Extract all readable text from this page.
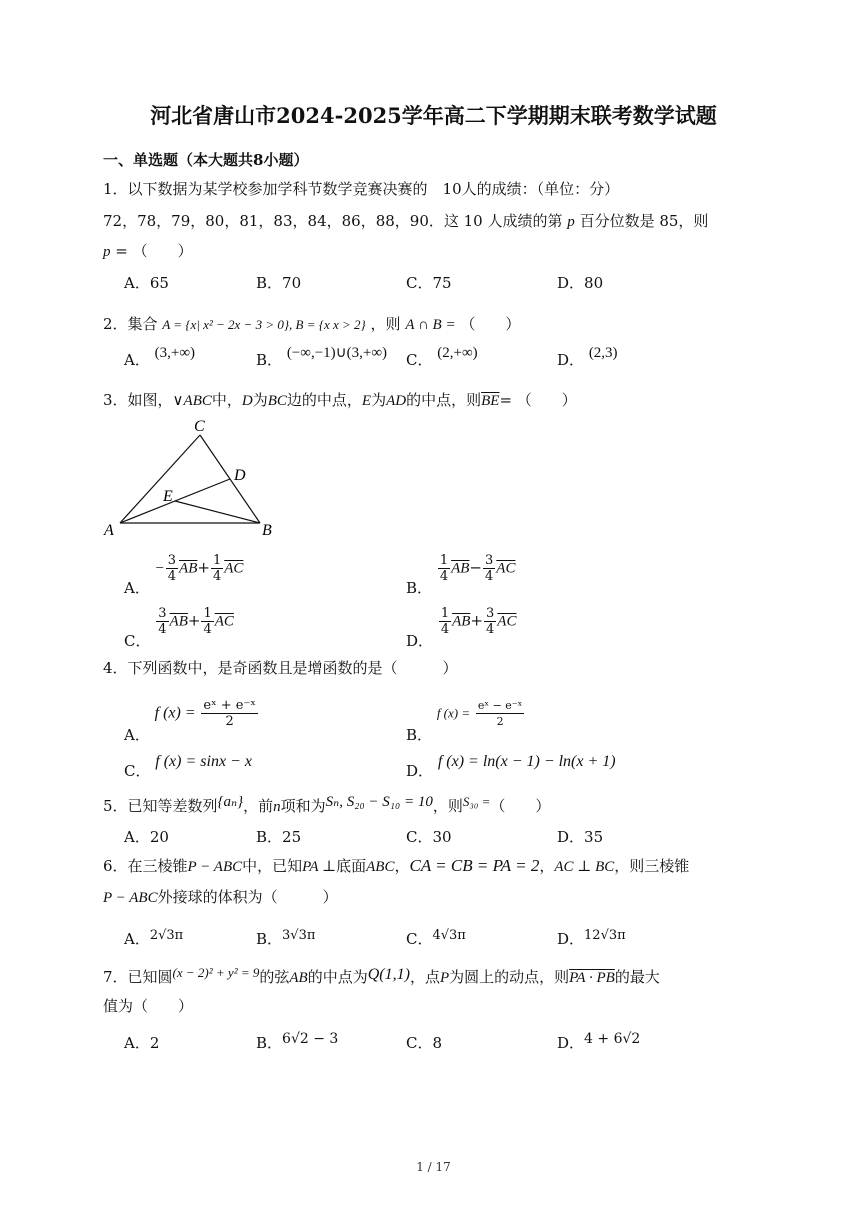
河北省唐山市2024-2025学年高二下学期期末联考数学试题
一、单选题（本大题共8小题）
1．以下数据为某学校参加学科节数学竞赛决赛的　10人的成绩：（单位：分）
72，78，79，80，81，83，84，86，88，90．这 10 人成绩的第 p 百分位数是 85，则
p = （　　）
A．65	B．70	C．75	D．80
2．集合 A = {x| x² − 2x − 3 > 0}, B = {x x > 2} ，则 A ∩ B = （　　）
A． (3,+∞)	B． (−∞,−1)∪(3,+∞) C． (2,+∞)	D． (2,3)
3．如图，∨ABC中，D为BC边的中点，E为AD的中点，则$\overline{BE}=$ （　　）
C
D
E
A	B
A． − $\frac{3}{4} \overline{AB}+ \frac{1}{4} \overline{AC}$
B．
$\frac{1}{4} \overline{AB}- \frac{3}{4} \overline{AC}$
C．
$\frac{3}{4} \overline{AB}+ \frac{1}{4} \overline{AC}$
D．
$\frac{1}{4} \overline{AB}+ \frac{3}{4} \overline{AC}$
4．下列函数中，是奇函数且是增函数的是（　　　）
A． f $(x) = \frac{\text{eˣ + e⁻ˣ}}{2}$
B． f $(x) = \frac{\text{eˣ − e⁻ˣ}}{2}$
C． f (x) = sinx − x
D． f (x) = ln(x − 1) − ln(x + 1)
5．已知等差数列{aₙ}，前n项和为Sₙ, S₂₀ − S₁₀ = 10，则S₃₀ =（　　）
A．20	B．25	C．30	D．35
6．在三棱锥P − ABC中，已知PA ⊥底面ABC，CA = CB = PA = 2，AC ⊥ BC，则三棱锥
P − ABC外接球的体积为（　　　）
A．2√3π	B．3√3π	C．4√3π	D．12√3π
7．已知圆(x − 2)² + y² = 9的弦AB的中点为Q(1,1)，点P为圆上的动点，则PA · PB的最大
值为（　　）
A．2	B．6√2 − 3	C．8	D．4 + 6√2
1 / 17
